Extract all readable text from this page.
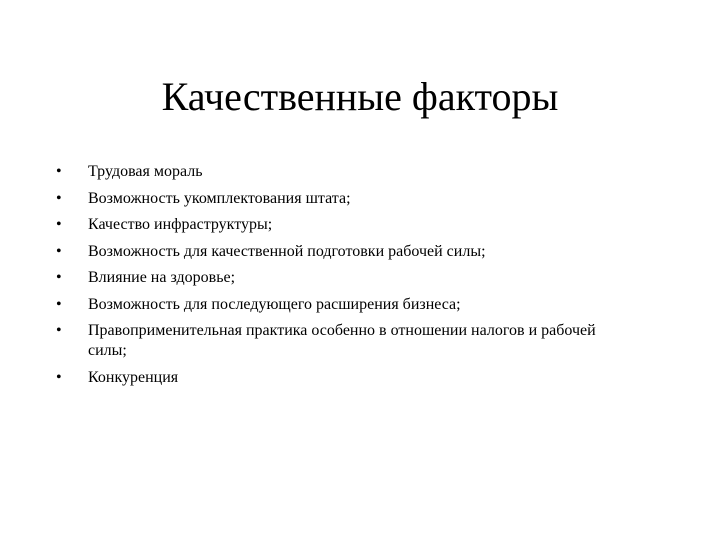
Качественные факторы
•	Трудовая мораль
•	Возможность укомплектования штата;
•	Качество инфраструктуры;
•	Возможность для качественной подготовки рабочей силы;
•	Влияние на здоровье;
•	Возможность для последующего расширения бизнеса;
•	Правоприменительная практика особенно в отношении налогов и рабочей силы;
•	Конкуренция
